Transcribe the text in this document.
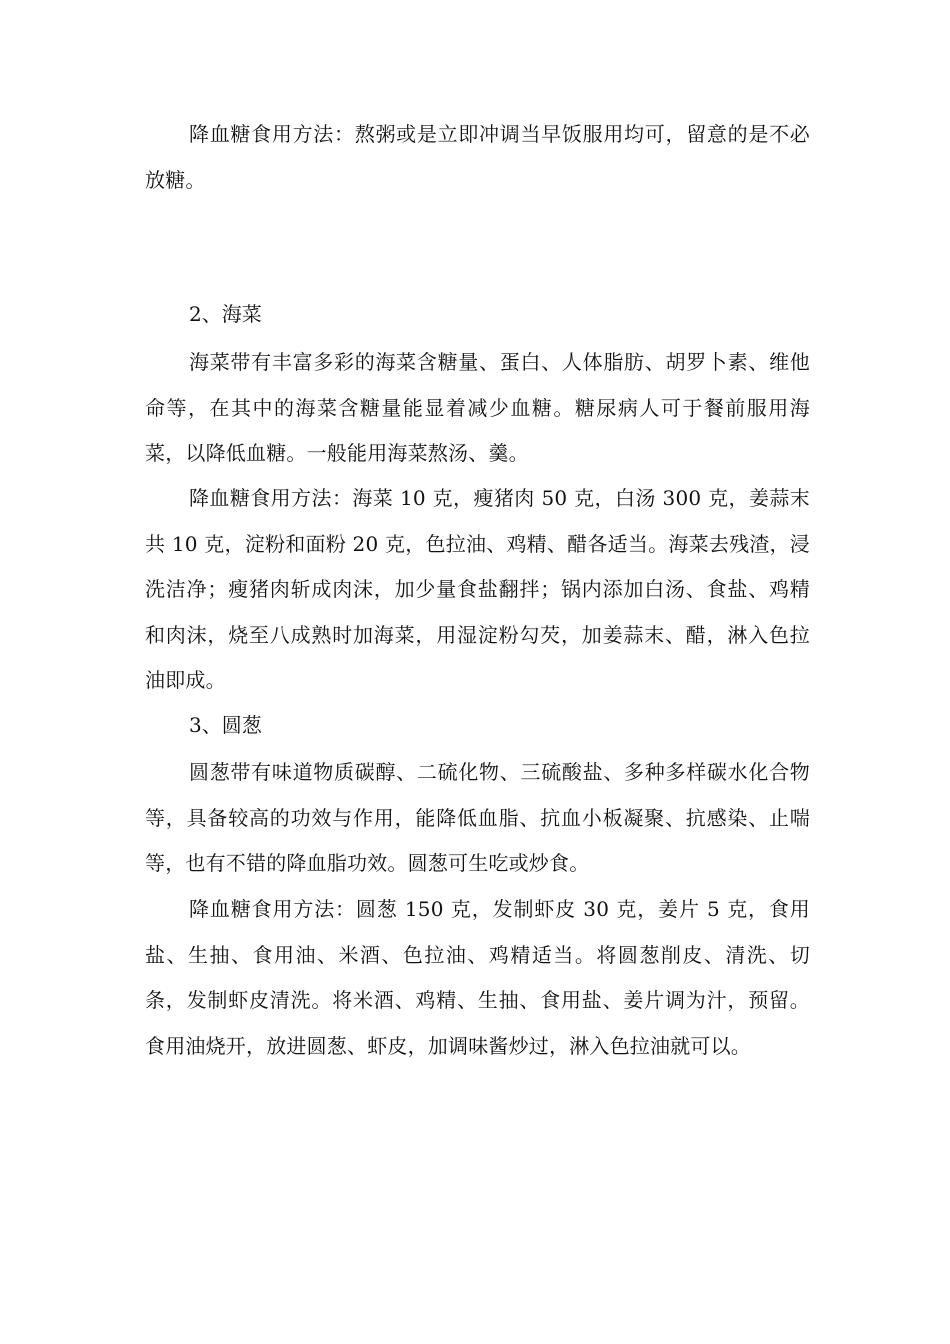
降血糖食用方法：熬粥或是立即冲调当早饭服用均可，留意的是不必放糖。

2、海菜

海菜带有丰富多彩的海菜含糖量、蛋白、人体脂肪、胡罗卜素、维他命等，在其中的海菜含糖量能显着减少血糖。糖尿病人可于餐前服用海菜，以降低血糖。一般能用海菜熬汤、羹。

降血糖食用方法：海菜 10 克，瘦猪肉 50 克，白汤 300 克，姜蒜末共 10 克，淀粉和面粉 20 克，色拉油、鸡精、醋各适当。海菜去残渣，浸洗洁净；瘦猪肉斩成肉沫，加少量食盐翻拌；锅内添加白汤、食盐、鸡精和肉沫，烧至八成熟时加海菜，用湿淀粉勾芡，加姜蒜末、醋，淋入色拉油即成。

3、圆葱

圆葱带有味道物质碳醇、二硫化物、三硫酸盐、多种多样碳水化合物等，具备较高的功效与作用，能降低血脂、抗血小板凝聚、抗感染、止喘等，也有不错的降血脂功效。圆葱可生吃或炒食。

降血糖食用方法：圆葱 150 克，发制虾皮 30 克，姜片 5 克，食用盐、生抽、食用油、米酒、色拉油、鸡精适当。将圆葱削皮、清洗、切条，发制虾皮清洗。将米酒、鸡精、生抽、食用盐、姜片调为汁，预留。食用油烧开，放进圆葱、虾皮，加调味酱炒过，淋入色拉油就可以。
